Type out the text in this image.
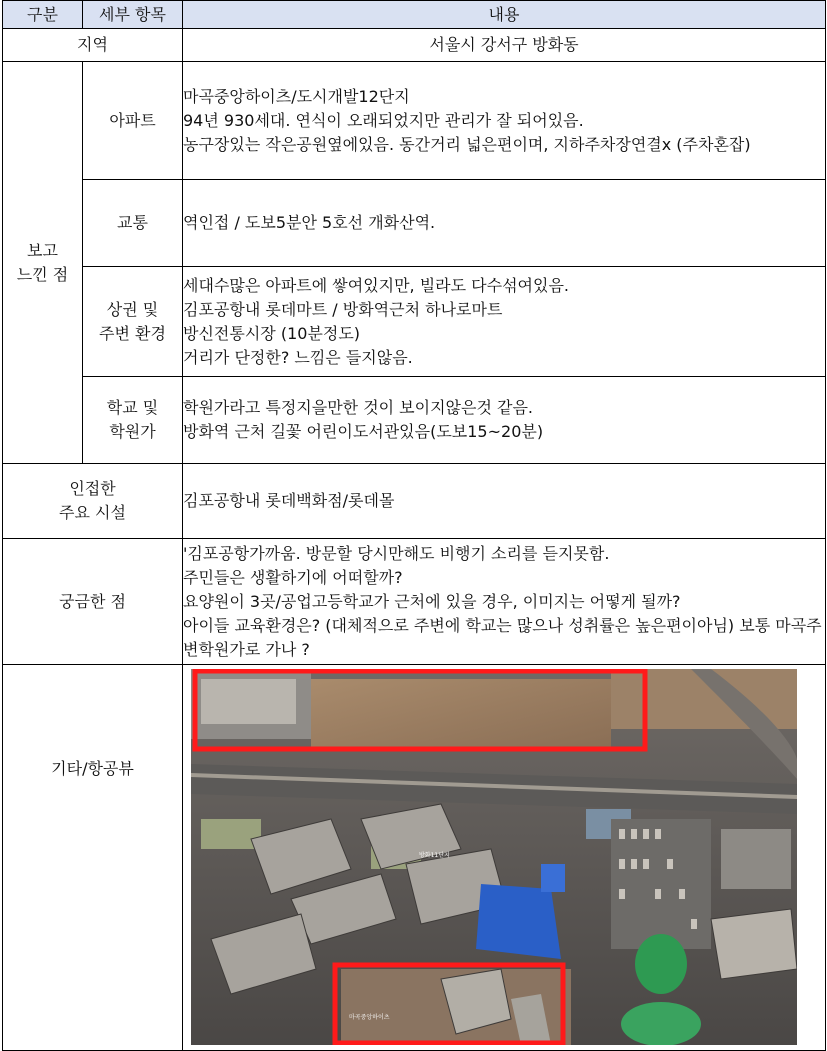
구분	세부 항목	내용
지역		서울시 강서구 방화동

보고
느낀 점	아파트	마곡중앙하이츠/도시개발12단지
94년 930세대. 연식이 오래되었지만 관리가 잘 되어있음.
농구장있는 작은공원옆에있음. 동간거리 넓은편이며, 지하주차장연결x (주차혼잡)

	교통	역인접 / 도보5분안 5호선 개화산역.

	상권 및
주변 환경	세대수많은 아파트에 쌓여있지만, 빌라도 다수섞여있음.
김포공항내 롯데마트 / 방화역근처 하나로마트
방신전통시장 (10분정도)
거리가 단정한? 느낌은 들지않음.

	학교 및
학원가	학원가라고 특정지을만한 것이 보이지않은것 같음.
방화역 근처 길꽃 어린이도서관있음(도보15~20분)

인접한
주요 시설		김포공항내 롯데백화점/롯데몰
궁금한 점		'김포공항가까움. 방문할 당시만해도 비행기 소리를 듣지못함.
주민들은 생활하기에 어떠할까?
요양원이 3곳/공업고등학교가 근처에 있을 경우, 이미지는 어떻게 될까?
아이들 교육환경은? (대체적으로 주변에 학교는 많으나 성취률은 높은편이아님) 보통 마곡주변학원가로 가나 ?

기타/항공뷰		방화11단지
마곡중앙하이츠
